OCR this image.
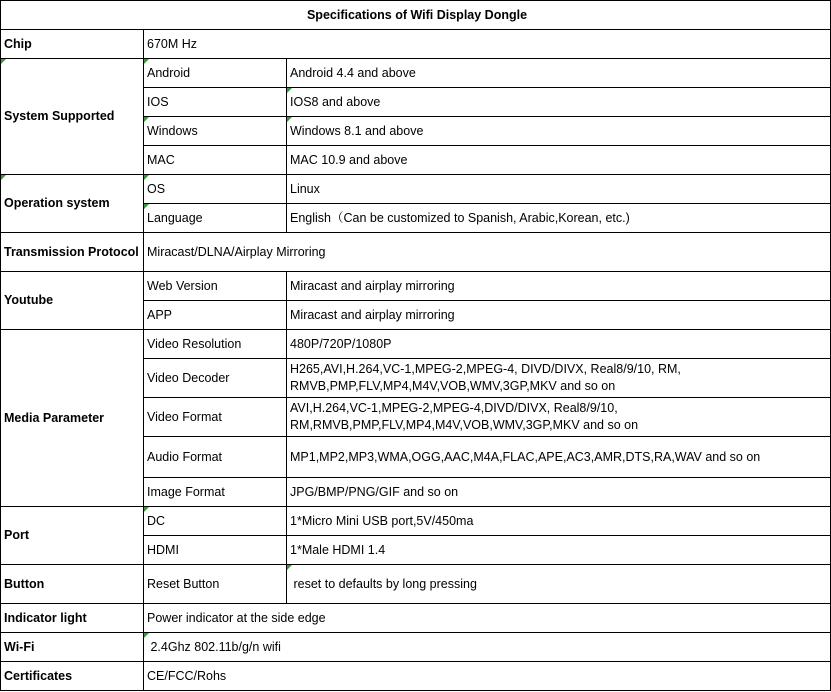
Specifications of Wifi Display Dongle		
Chip	670M Hz	
System Supported	Android	Android 4.4 and above
	IOS	IOS8 and above
	Windows	Windows 8.1 and above
	MAC	MAC 10.9 and above
Operation system	OS	Linux
	Language	English（Can be customized to Spanish, Arabic,Korean, etc.)
Transmission Protocol	Miracast/DLNA/Airplay Mirroring	
Youtube	Web Version	Miracast and airplay mirroring
	APP	Miracast and airplay mirroring
Media Parameter	Video Resolution	480P/720P/1080P
	Video Decoder	H265,AVI,H.264,VC-1,MPEG-2,MPEG-4, DIVD/DIVX, Real8/9/10, RM, RMVB,PMP,FLV,MP4,M4V,VOB,WMV,3GP,MKV and so on
	Video Format	AVI,H.264,VC-1,MPEG-2,MPEG-4,DIVD/DIVX, Real8/9/10, RM,RMVB,PMP,FLV,MP4,M4V,VOB,WMV,3GP,MKV and so on
	Audio Format	MP1,MP2,MP3,WMA,OGG,AAC,M4A,FLAC,APE,AC3,AMR,DTS,RA,WAV and so on
	Image Format	JPG/BMP/PNG/GIF and so on
Port	DC	1*Micro Mini USB port,5V/450ma
	HDMI	1*Male HDMI 1.4
Button	Reset Button	reset to defaults by long pressing
Indicator light	Power indicator at the side edge	
Wi-Fi	2.4Ghz 802.11b/g/n wifi	
Certificates	CE/FCC/Rohs	
